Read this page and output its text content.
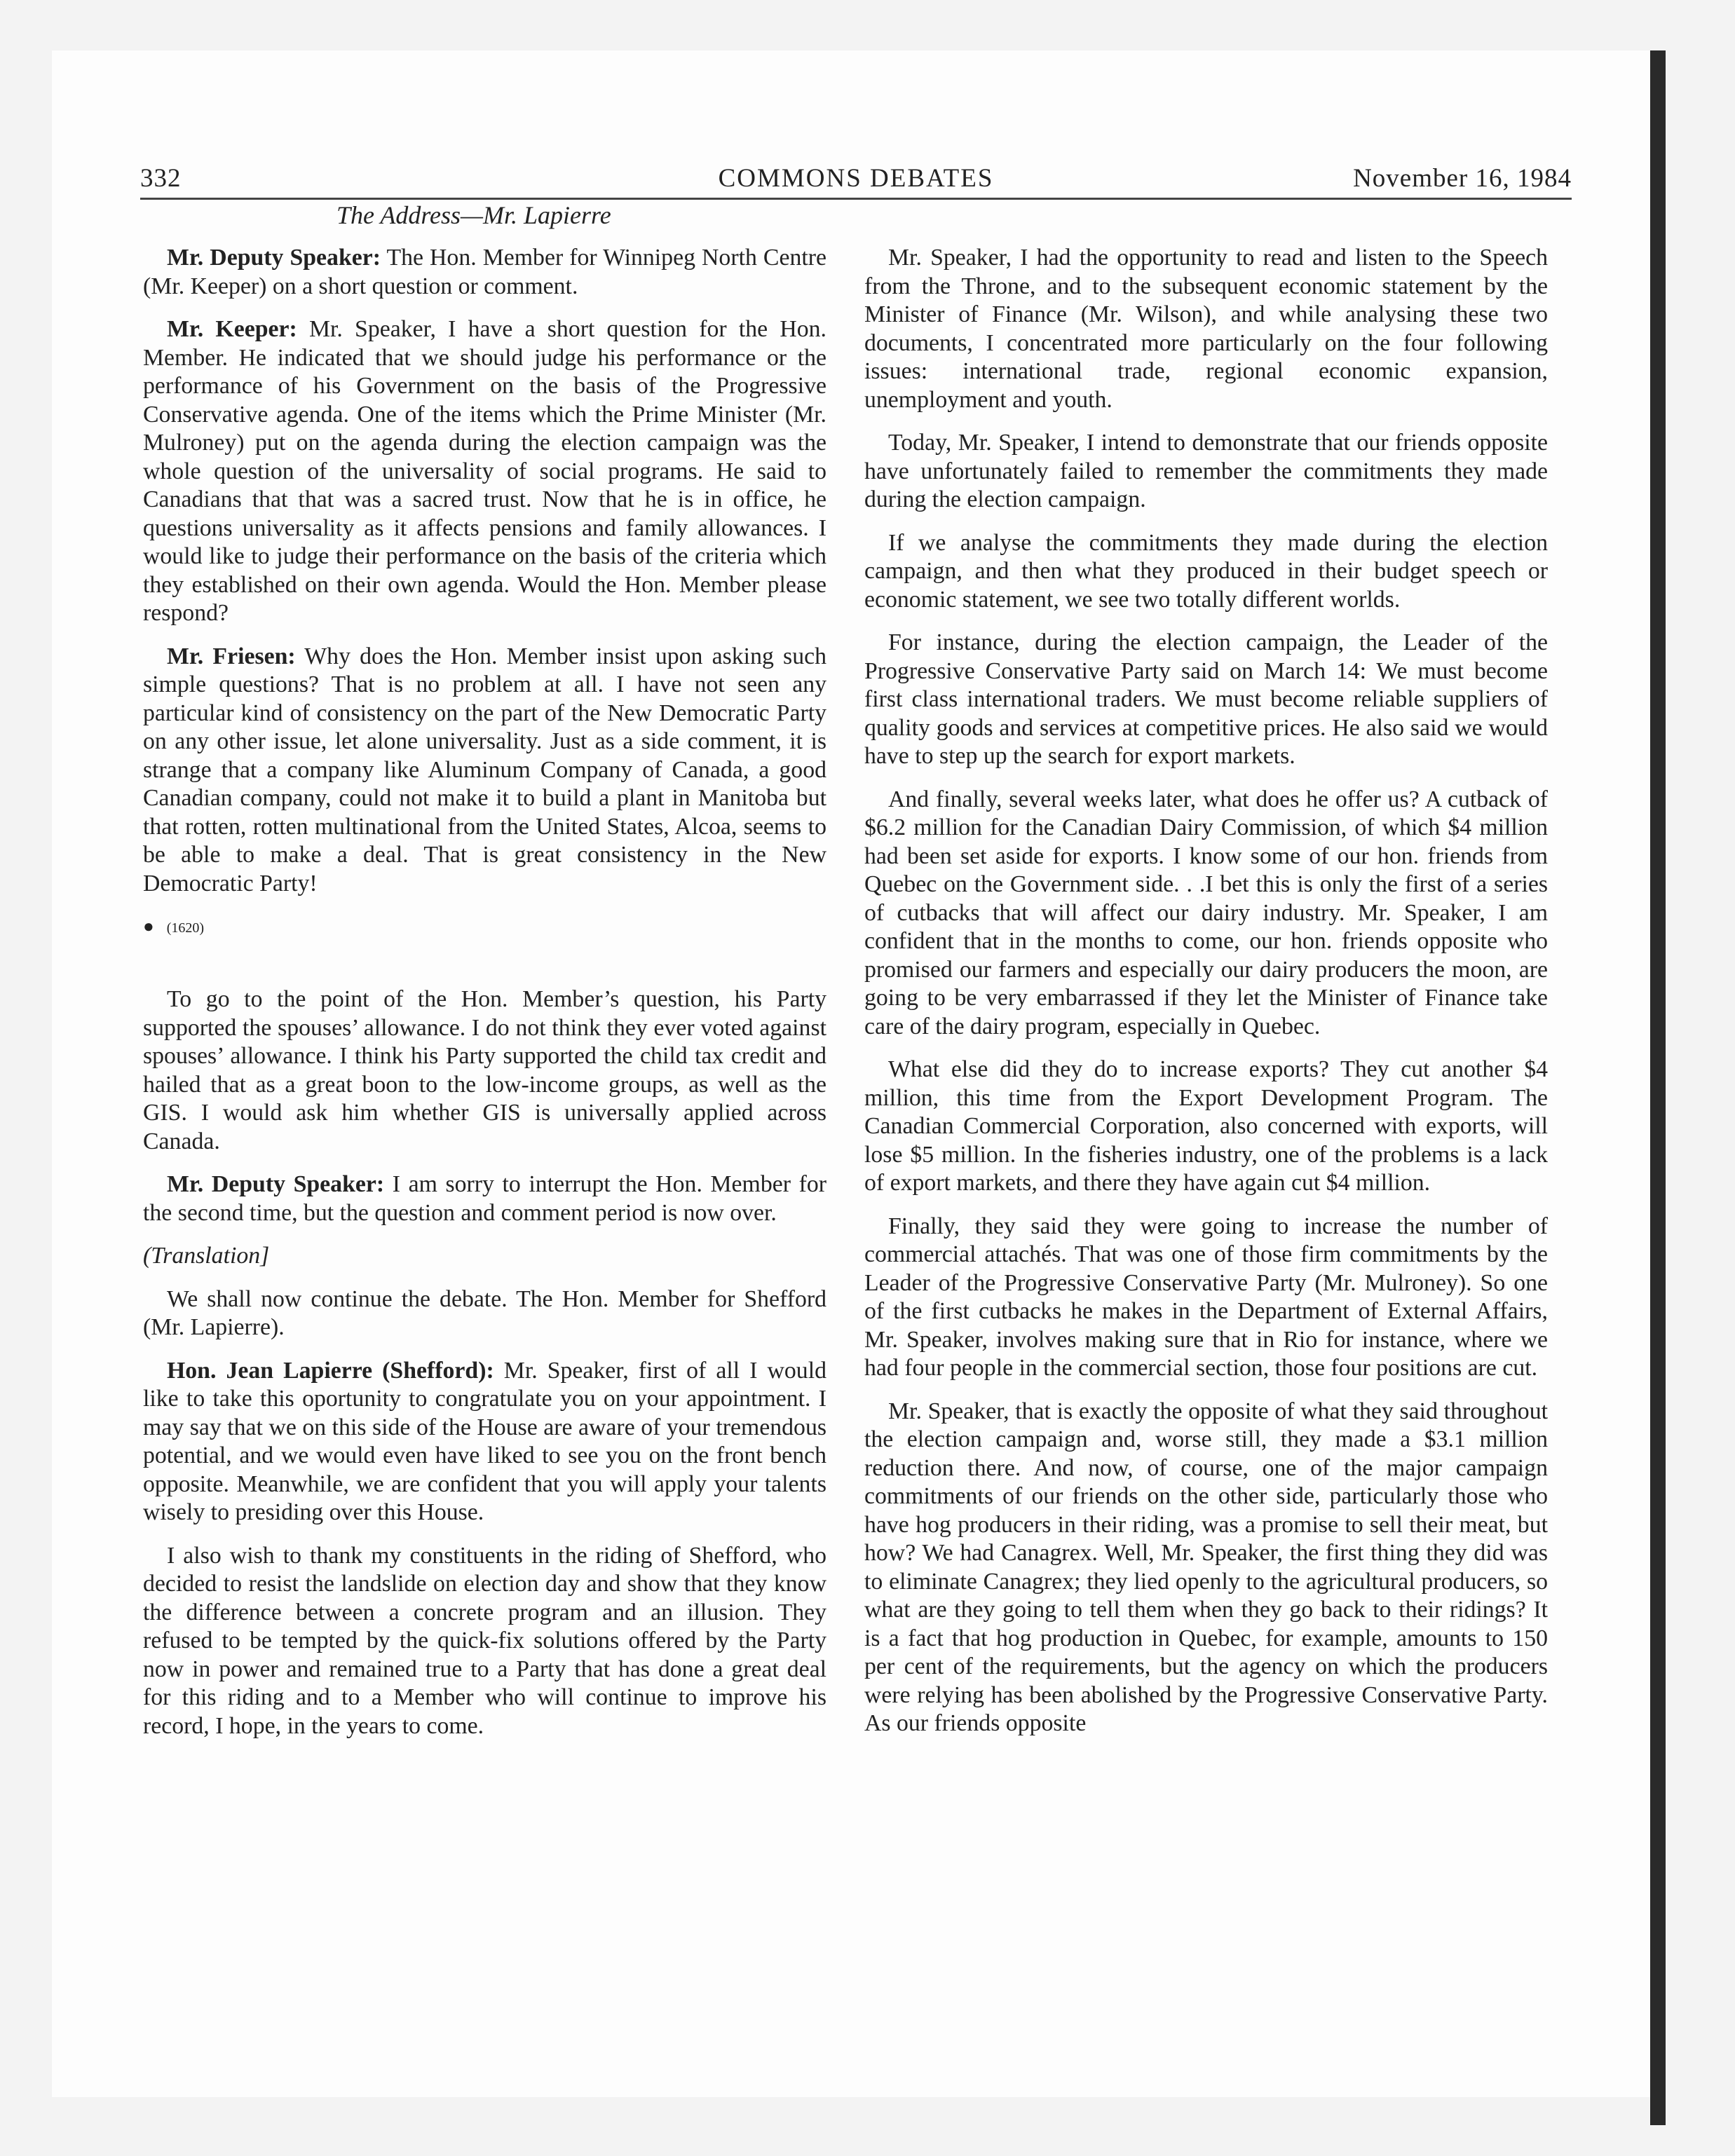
332	COMMONS DEBATES	November 16, 1984
The Address—Mr. Lapierre

Mr. Deputy Speaker: The Hon. Member for Winnipeg North Centre (Mr. Keeper) on a short question or comment.

Mr. Keeper: Mr. Speaker, I have a short question for the Hon. Member. He indicated that we should judge his performance or the performance of his Government on the basis of the Progressive Conservative agenda. One of the items which the Prime Minister (Mr. Mulroney) put on the agenda during the election campaign was the whole question of the universality of social programs. He said to Canadians that that was a sacred trust. Now that he is in office, he questions universality as it affects pensions and family allowances. I would like to judge their performance on the basis of the criteria which they established on their own agenda. Would the Hon. Member please respond?

Mr. Friesen: Why does the Hon. Member insist upon asking such simple questions? That is no problem at all. I have not seen any particular kind of consistency on the part of the New Democratic Party on any other issue, let alone universality. Just as a side comment, it is strange that a company like Aluminum Company of Canada, a good Canadian company, could not make it to build a plant in Manitoba but that rotten, rotten multinational from the United States, Alcoa, seems to be able to make a deal. That is great consistency in the New Democratic Party!

● (1620)

To go to the point of the Hon. Member’s question, his Party supported the spouses’ allowance. I do not think they ever voted against spouses’ allowance. I think his Party supported the child tax credit and hailed that as a great boon to the low-income groups, as well as the GIS. I would ask him whether GIS is universally applied across Canada.

Mr. Deputy Speaker: I am sorry to interrupt the Hon. Member for the second time, but the question and comment period is now over.

(Translation]

We shall now continue the debate. The Hon. Member for Shefford (Mr. Lapierre).

Hon. Jean Lapierre (Shefford): Mr. Speaker, first of all I would like to take this oportunity to congratulate you on your appointment. I may say that we on this side of the House are aware of your tremendous potential, and we would even have liked to see you on the front bench opposite. Meanwhile, we are confident that you will apply your talents wisely to presiding over this House.

I also wish to thank my constituents in the riding of Shefford, who decided to resist the landslide on election day and show that they know the difference between a concrete program and an illusion. They refused to be tempted by the quick-fix solutions offered by the Party now in power and remained true to a Party that has done a great deal for this riding and to a Member who will continue to improve his record, I hope, in the years to come.

Mr. Speaker, I had the opportunity to read and listen to the Speech from the Throne, and to the subsequent economic statement by the Minister of Finance (Mr. Wilson), and while analysing these two documents, I concentrated more particularly on the four following issues: international trade, regional economic expansion, unemployment and youth.

Today, Mr. Speaker, I intend to demonstrate that our friends opposite have unfortunately failed to remember the commitments they made during the election campaign.

If we analyse the commitments they made during the election campaign, and then what they produced in their budget speech or economic statement, we see two totally different worlds.

For instance, during the election campaign, the Leader of the Progressive Conservative Party said on March 14: We must become first class international traders. We must become reliable suppliers of quality goods and services at competitive prices. He also said we would have to step up the search for export markets.

And finally, several weeks later, what does he offer us? A cutback of $6.2 million for the Canadian Dairy Commission, of which $4 million had been set aside for exports. I know some of our hon. friends from Quebec on the Government side. . .I bet this is only the first of a series of cutbacks that will affect our dairy industry. Mr. Speaker, I am confident that in the months to come, our hon. friends opposite who promised our farmers and especially our dairy producers the moon, are going to be very embarrassed if they let the Minister of Finance take care of the dairy program, especially in Quebec.

What else did they do to increase exports? They cut another $4 million, this time from the Export Development Program. The Canadian Commercial Corporation, also concerned with exports, will lose $5 million. In the fisheries industry, one of the problems is a lack of export markets, and there they have again cut $4 million.

Finally, they said they were going to increase the number of commercial attachés. That was one of those firm commitments by the Leader of the Progressive Conservative Party (Mr. Mulroney). So one of the first cutbacks he makes in the Department of External Affairs, Mr. Speaker, involves making sure that in Rio for instance, where we had four people in the commercial section, those four positions are cut.

Mr. Speaker, that is exactly the opposite of what they said throughout the election campaign and, worse still, they made a $3.1 million reduction there. And now, of course, one of the major campaign commitments of our friends on the other side, particularly those who have hog producers in their riding, was a promise to sell their meat, but how? We had Canagrex. Well, Mr. Speaker, the first thing they did was to eliminate Canagrex; they lied openly to the agricultural producers, so what are they going to tell them when they go back to their ridings? It is a fact that hog production in Quebec, for example, amounts to 150 per cent of the requirements, but the agency on which the producers were relying has been abolished by the Progressive Conservative Party. As our friends opposite
